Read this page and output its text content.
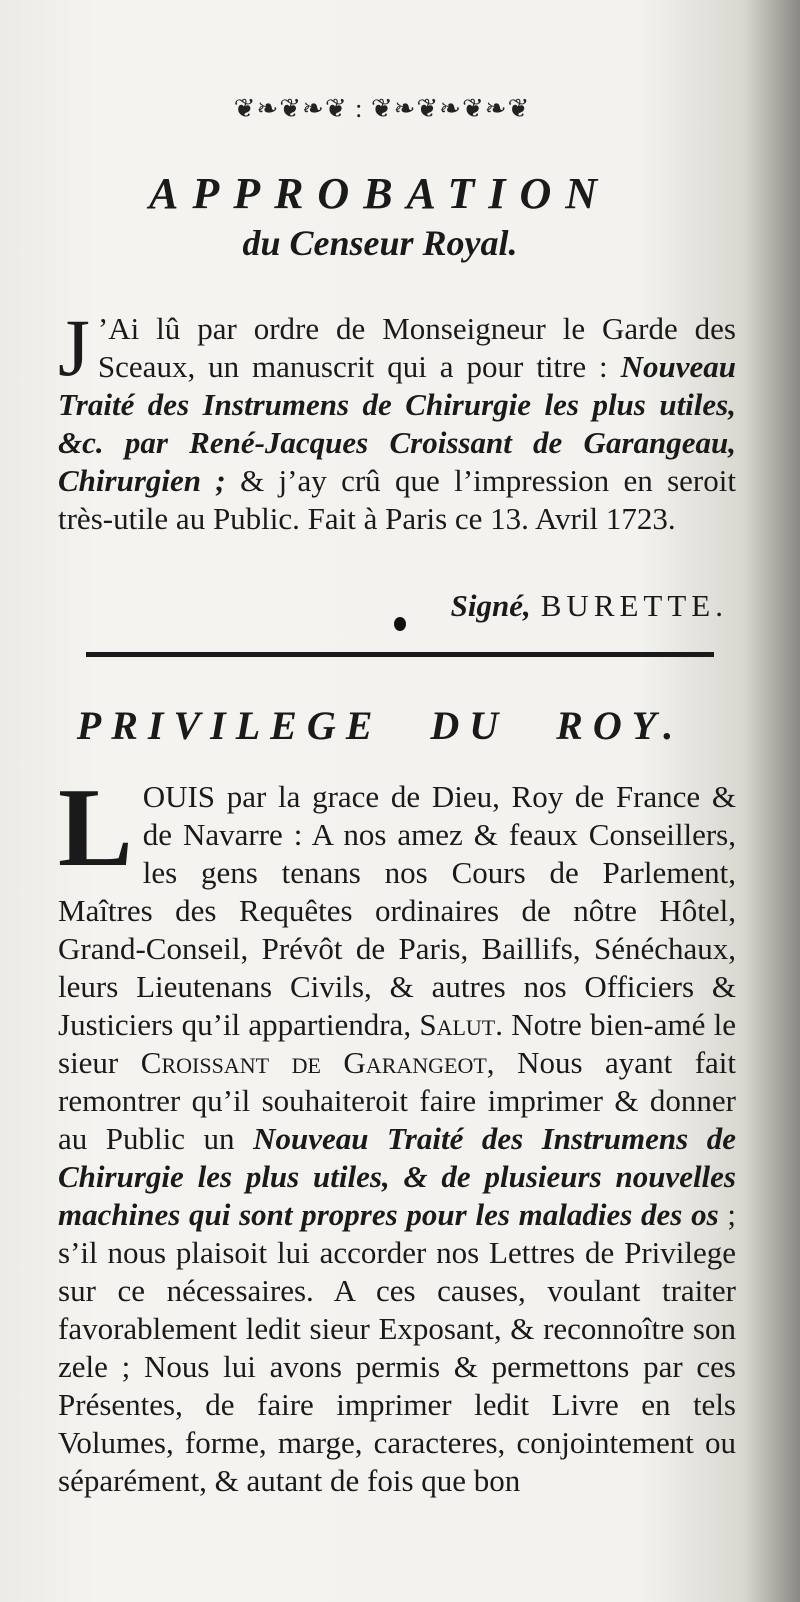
❦❧❦❧❦ : ❦❧❦❧❦❧❦
APPROBATION
du Censeur Royal.
J ’Ai lû par ordre de Monseigneur le Garde des Sceaux, un manuscrit qui a pour titre : Nouveau Traité des Instrumens de Chirurgie les plus utiles, &c. par René-Jacques Croissant de Garangeau, Chirurgien ; & j’ay crû que l’impression en seroit très-utile au Public. Fait à Paris ce 13. Avril 1723.
Signé, BURETTE.
PRIVILEGE DU ROY.
LOUIS par la grace de Dieu, Roy de France & de Navarre : A nos amez & feaux Conseillers, les gens tenans nos Cours de Parlement, Maîtres des Requêtes ordinaires de nôtre Hôtel, Grand-Conseil, Prévôt de Paris, Baillifs, Sénéchaux, leurs Lieutenans Civils, & autres nos Officiers & Justiciers qu’il appartiendra, Salut. Notre bien-amé le sieur Croissant de Garangeot, Nous ayant fait remontrer qu’il souhaiteroit faire imprimer & donner au Public un Nouveau Traité des Instrumens de Chirurgie les plus utiles, & de plusieurs nouvelles machines qui sont propres pour les maladies des os ; s’il nous plaisoit lui accorder nos Lettres de Privilege sur ce nécessaires. A ces causes, voulant traiter favorablement ledit sieur Exposant, & reconnoître son zele ; Nous lui avons permis & permettons par ces Présentes, de faire imprimer ledit Livre en tels Volumes, forme, marge, caracteres, conjointement ou séparément, & autant de fois que bon
